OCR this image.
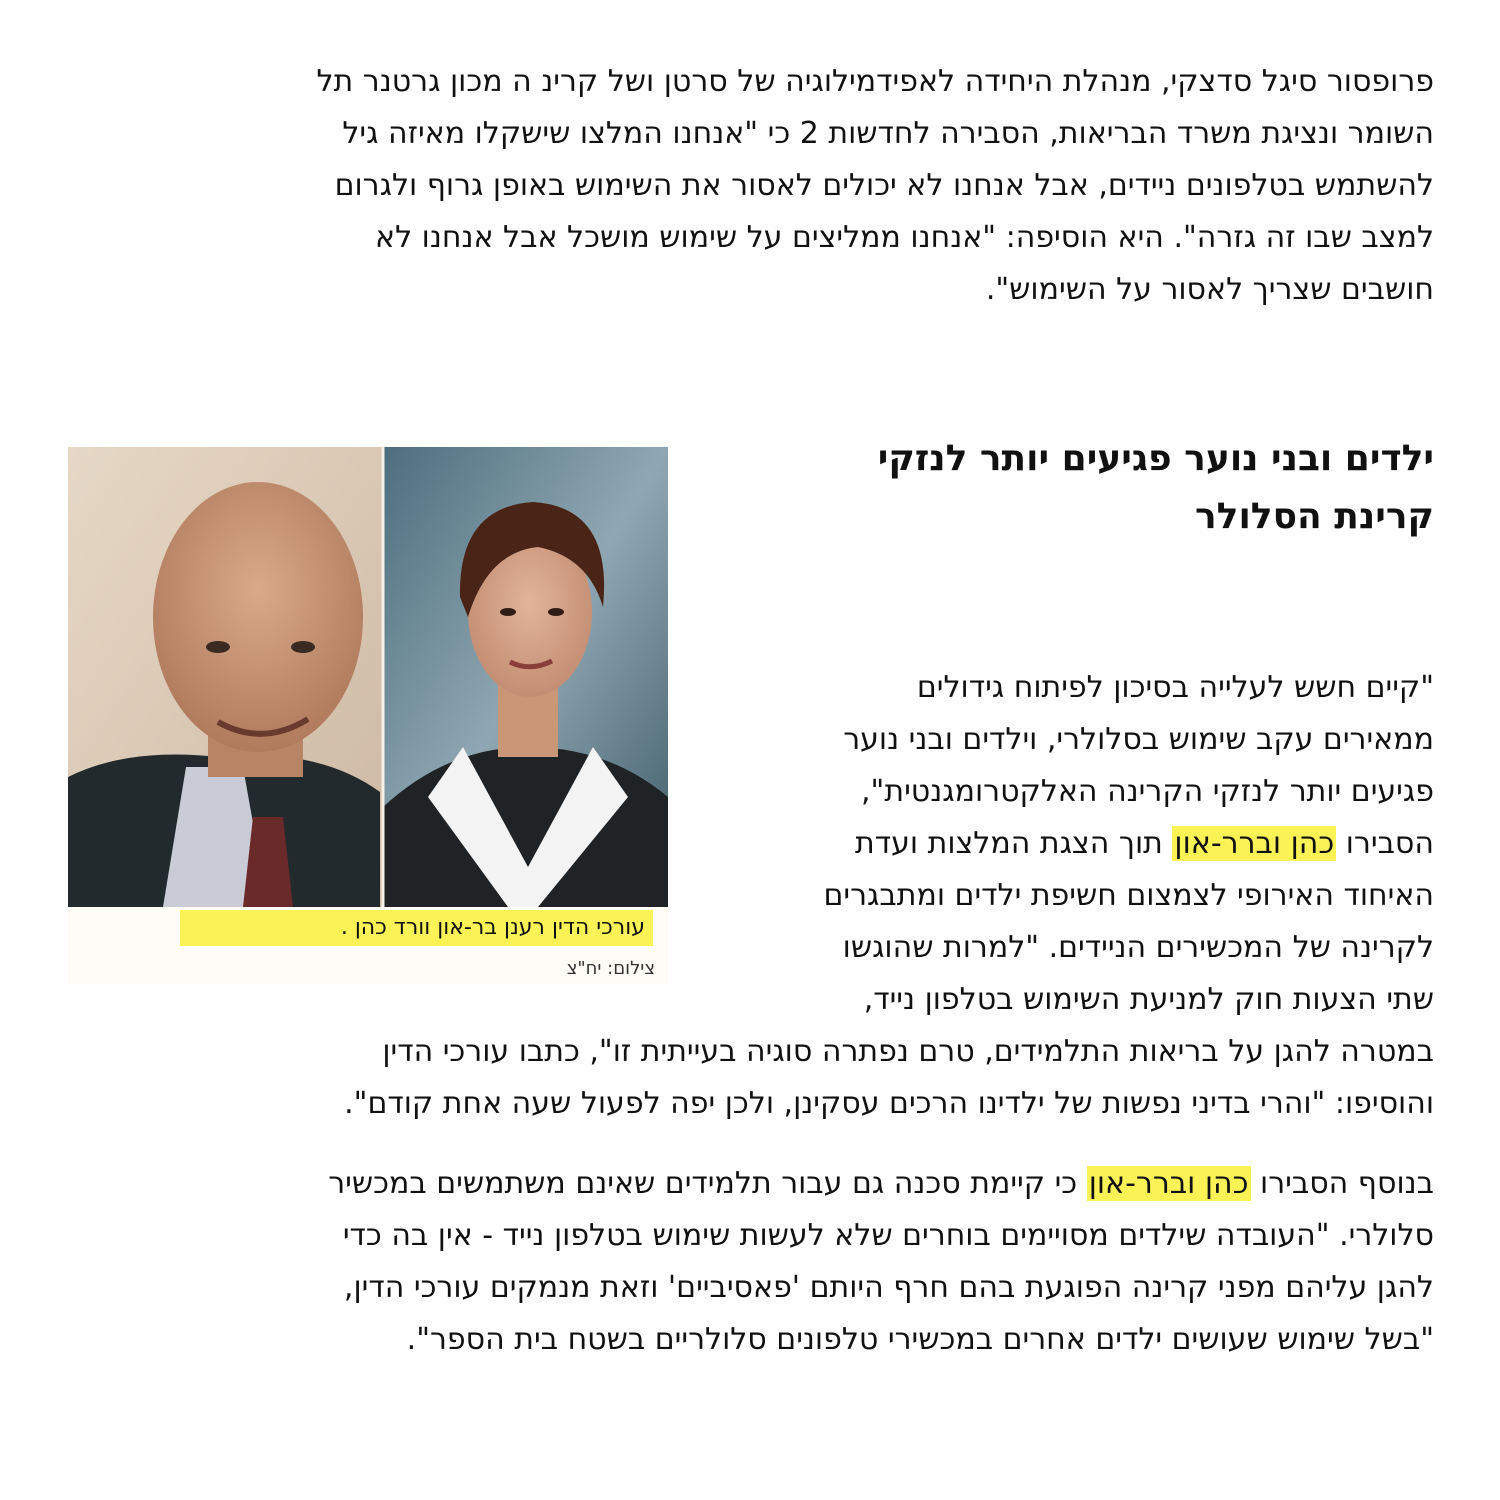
פרופסור סיגל סדצקי, מנהלת היחידה לאפידמילוגיה של סרטן ושל קרינ ה מכון גרטנר תל
השומר ונציגת משרד הבריאות, הסבירה לחדשות 2 כי "אנחנו המלצו שישקלו מאיזה גיל
להשתמש בטלפונים ניידים, אבל אנחנו לא יכולים לאסור את השימוש באופן גרוף ולגרום
למצב שבו זה גזרה". היא הוסיפה: "אנחנו ממליצים על שימוש מושכל אבל אנחנו לא
חושבים שצריך לאסור על השימוש".
ילדים ובני נוער פגיעים יותר לנזקי
קרינת הסלולר
עורכי הדין רענן בר-און וורד כהן .
צילום: יח"צ
"קיים חשש לעלייה בסיכון לפיתוח גידולים
ממאירים עקב שימוש בסלולרי, וילדים ובני נוער
פגיעים יותר לנזקי הקרינה האלקטרומגנטית",
הסבירו כהן וברר-און תוך הצגת המלצות ועדת
האיחוד האירופי לצמצום חשיפת ילדים ומתבגרים
לקרינה של המכשירים הניידים. "למרות שהוגשו
שתי הצעות חוק למניעת השימוש בטלפון נייד,
במטרה להגן על בריאות התלמידים, טרם נפתרה סוגיה בעייתית זו", כתבו עורכי הדין
והוסיפו: "והרי בדיני נפשות של ילדינו הרכים עסקינן, ולכן יפה לפעול שעה אחת קודם".
בנוסף הסבירו כהן וברר-און כי קיימת סכנה גם עבור תלמידים שאינם משתמשים במכשיר
סלולרי. "העובדה שילדים מסויימים בוחרים שלא לעשות שימוש בטלפון נייד - אין בה כדי
להגן עליהם מפני קרינה הפוגעת בהם חרף היותם 'פאסיביים' וזאת מנמקים עורכי הדין,
"בשל שימוש שעושים ילדים אחרים במכשירי טלפונים סלולריים בשטח בית הספר".
